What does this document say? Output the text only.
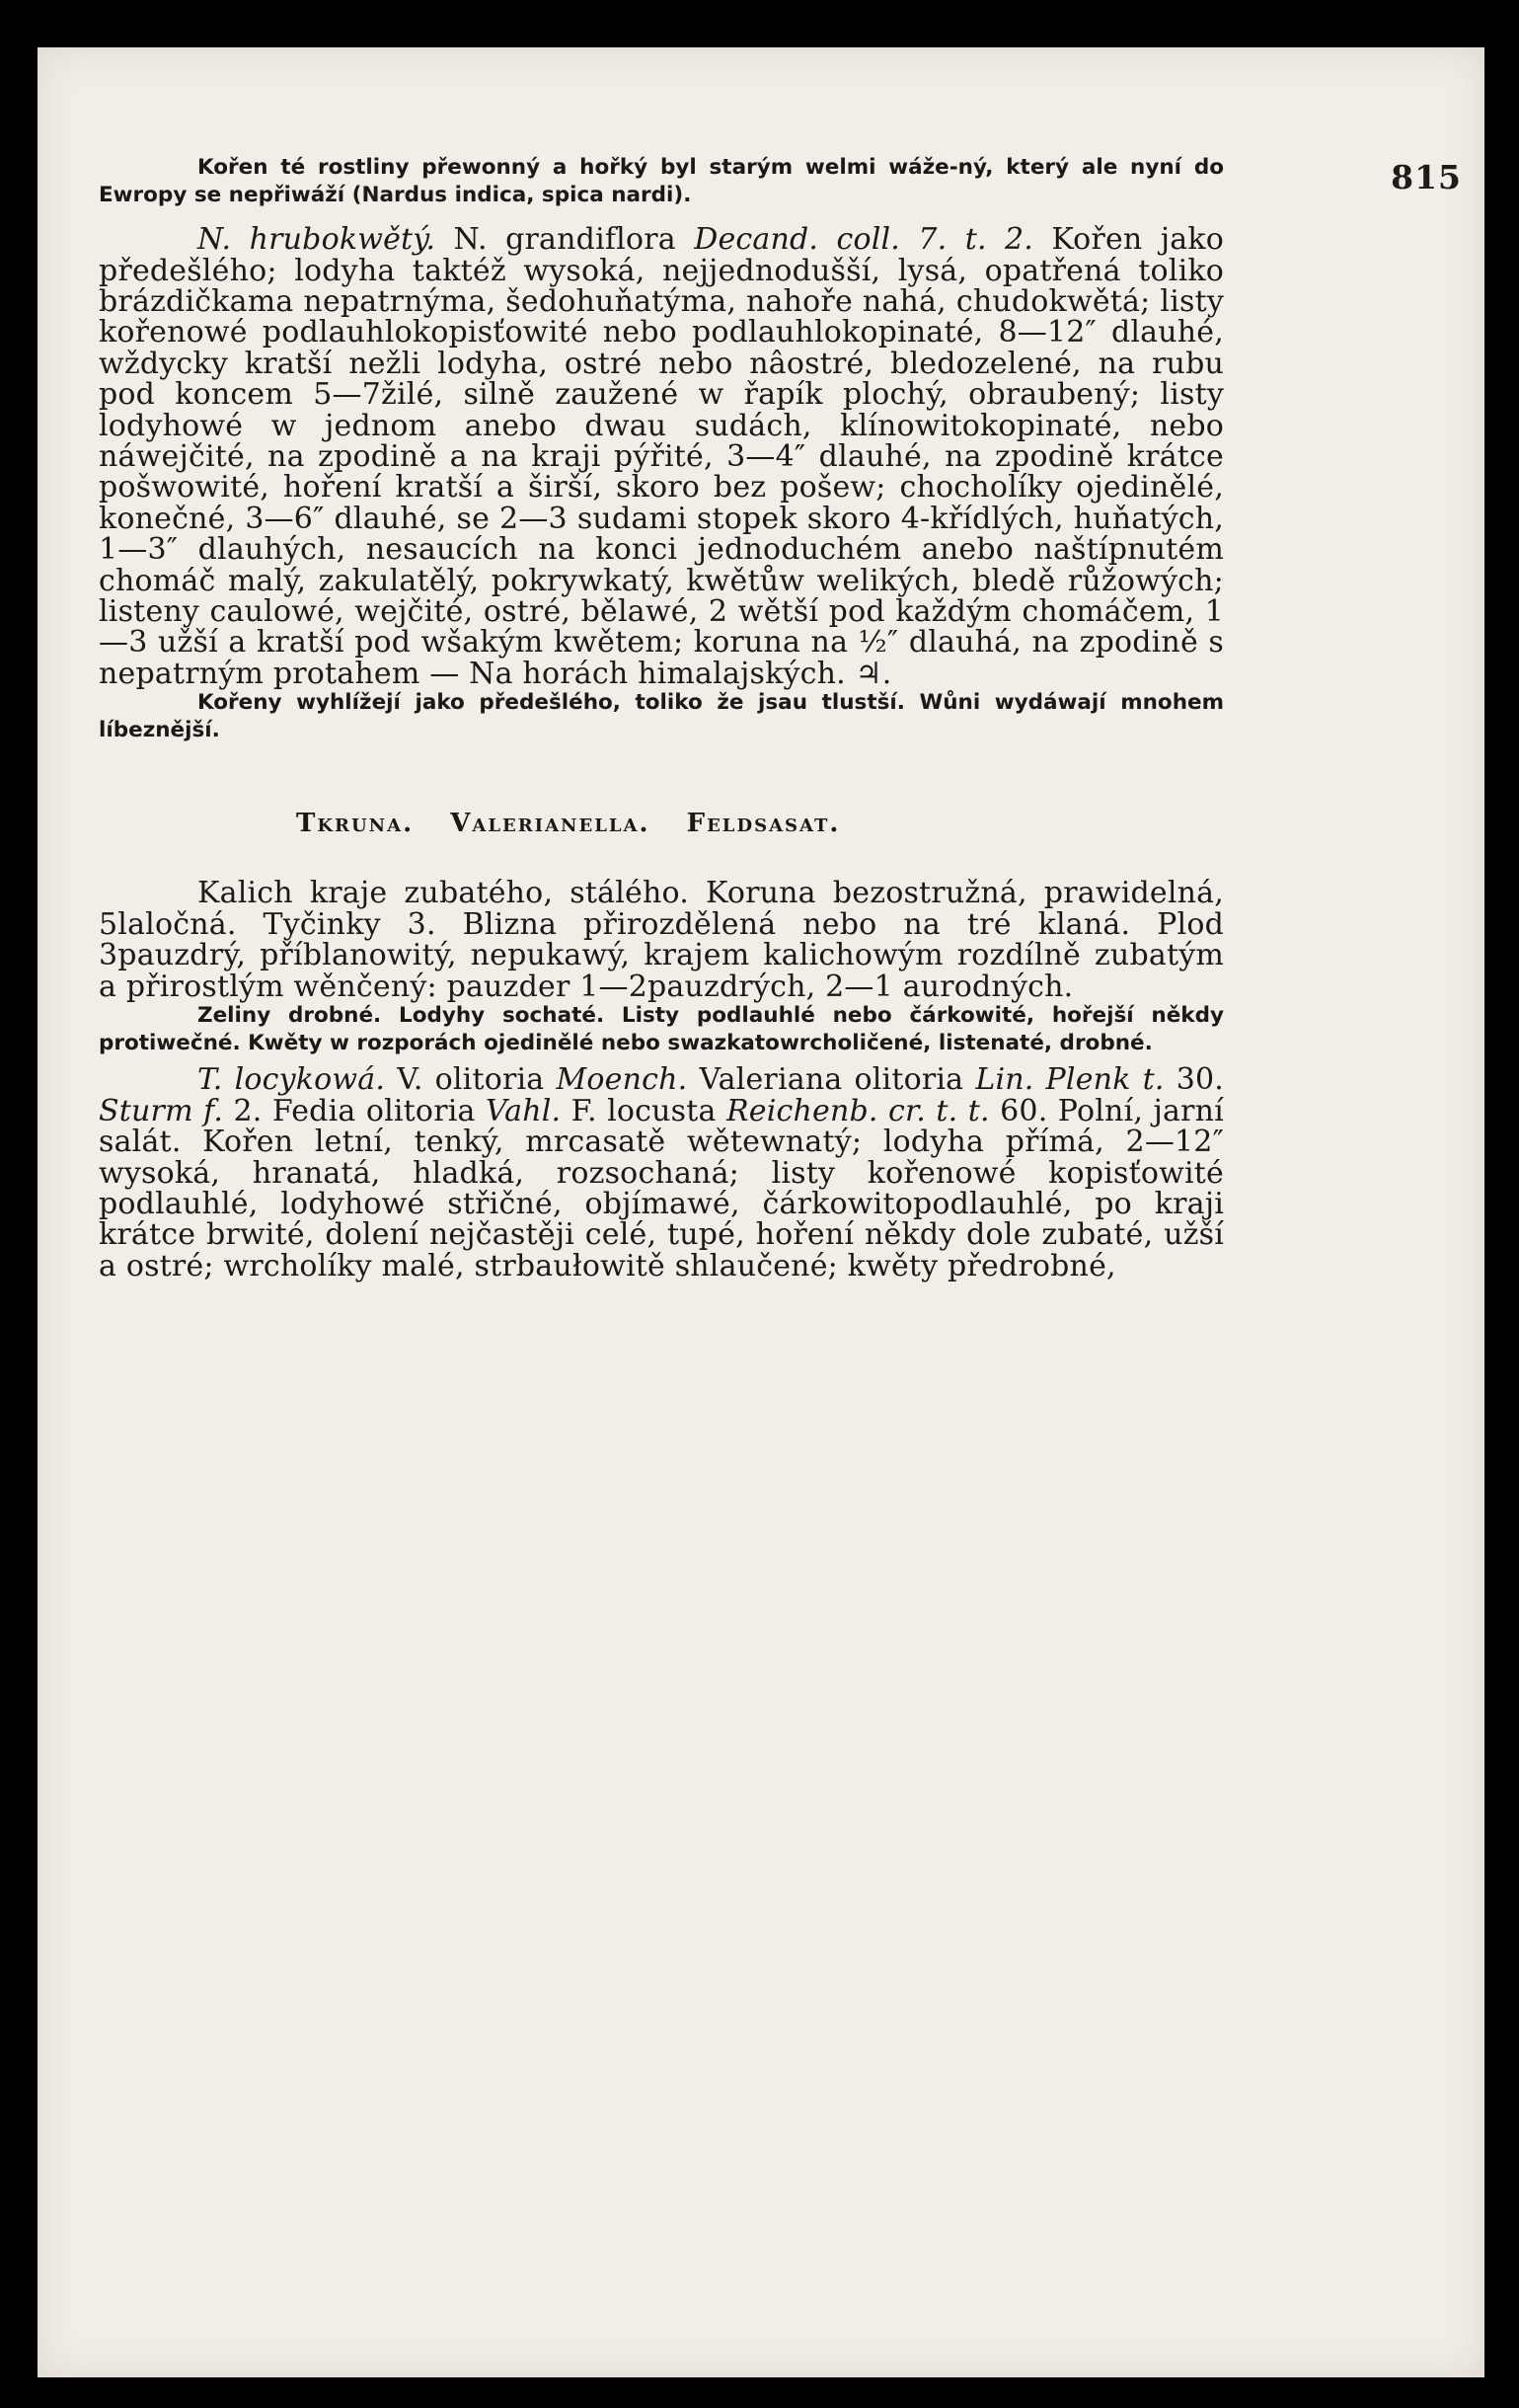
815

Kořen té rostliny přewonný a hořký byl starým welmi wáže-ný, který ale nyní do Ewropy se nepřiwáží (Nardus indica, spica nardi).

N. hrubokwětý. N. grandiflora Decand. coll. 7. t. 2. Kořen jako předešlého; lodyha taktéž wysoká, nejjednodušší, lysá, opatřená toliko brázdičkama nepatrnýma, šedohuňatýma, nahoře nahá, chudokwětá; listy kořenowé podlauhlokopisťowité nebo podlauhlokopinaté, 8—12″ dlauhé, wždycky kratší nežli lodyha, ostré nebo nâostré, bledozelené, na rubu pod koncem 5—7žilé, silně zaužené w řapík plochý, obraubený; listy lodyhowé w jednom anebo dwau sudách, klínowitokopinaté, nebo náwejčité, na zpodině a na kraji pýřité, 3—4″ dlauhé, na zpodině krátce pošwowité, hoření kratší a širší, skoro bez pošew; chocholíky ojedinělé, konečné, 3—6″ dlauhé, se 2—3 sudami stopek skoro 4-křídlých, huňatých, 1—3″ dlauhých, nesaucích na konci jednoduchém anebo naštípnutém chomáč malý, zakulatělý, pokrywkatý, kwětůw welikých, bledě růžowých; listeny caulowé, wejčité, ostré, bělawé, 2 wětší pod každým chomáčem, 1—3 užší a kratší pod wšakým kwětem; koruna na ½″ dlauhá, na zpodině s nepatrným protahem — Na horách himalajských. ♃.

Kořeny wyhlížejí jako předešlého, toliko že jsau tlustší. Wůni wydáwají mnohem líbeznější.

Tkruna. Valerianella. Feldsasat.

Kalich kraje zubatého, stálého. Koruna bezostružná, prawidelná, 5laločná. Tyčinky 3. Blizna přirozdělená nebo na tré klaná. Plod 3pauzdrý, příblanowitý, nepukawý, krajem kalichowým rozdílně zubatým a přirostlým wěnčený: pauzder 1—2pauzdrých, 2—1 aurodných.

Zeliny drobné. Lodyhy sochaté. Listy podlauhlé nebo čárkowité, hořejší někdy protiwečné. Kwěty w rozporách ojedinělé nebo swazkatowrcholičené, listenaté, drobné.

T. locykowá. V. olitoria Moench. Valeriana olitoria Lin. Plenk t. 30. Sturm f. 2. Fedia olitoria Vahl. F. locusta Reichenb. cr. t. t. 60. Polní, jarní salát. Kořen letní, tenký, mrcasatě wětewnatý; lodyha přímá, 2—12″ wysoká, hranatá, hladká, rozsochaná; listy kořenowé kopisťowité podlauhlé, lodyhowé střičné, objímawé, čárkowitopodlauhlé, po kraji krátce brwité, dolení nejčastěji celé, tupé, hoření někdy dole zubaté, užší a ostré; wrcholíky malé, strbaułowitě shlaučené; kwěty předrobné,
